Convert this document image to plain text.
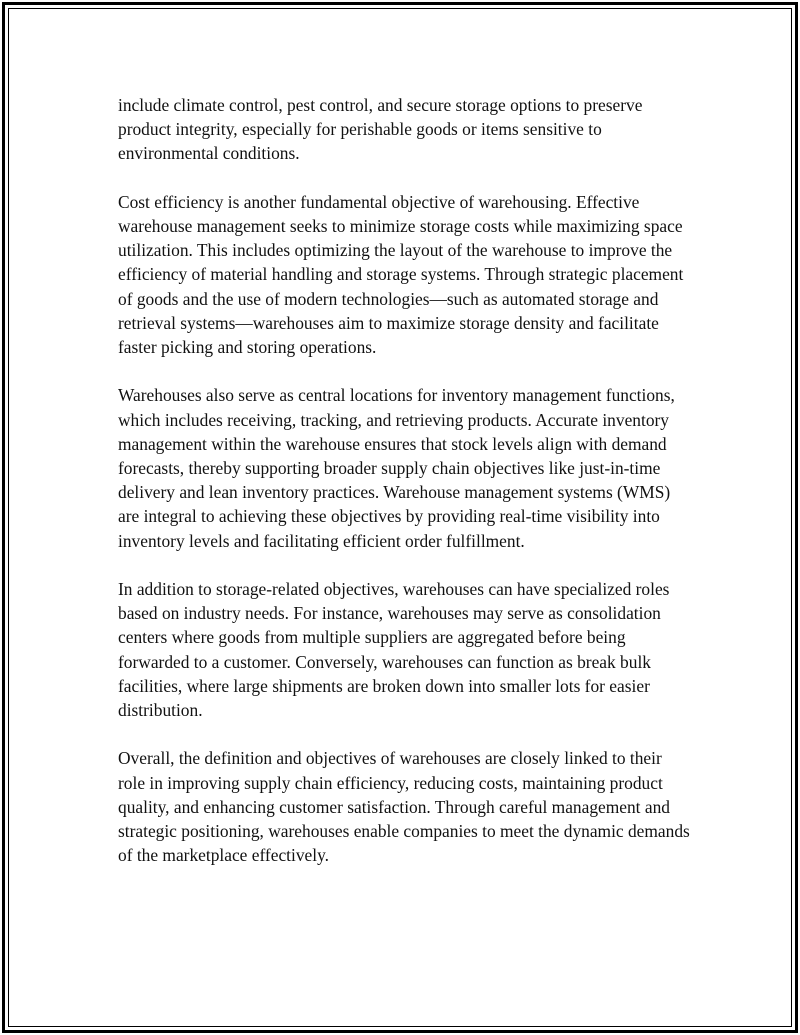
include climate control, pest control, and secure storage options to preserve product integrity, especially for perishable goods or items sensitive to environmental conditions.

Cost efficiency is another fundamental objective of warehousing. Effective warehouse management seeks to minimize storage costs while maximizing space utilization. This includes optimizing the layout of the warehouse to improve the efficiency of material handling and storage systems. Through strategic placement of goods and the use of modern technologies—such as automated storage and retrieval systems—warehouses aim to maximize storage density and facilitate faster picking and storing operations.

Warehouses also serve as central locations for inventory management functions, which includes receiving, tracking, and retrieving products. Accurate inventory management within the warehouse ensures that stock levels align with demand forecasts, thereby supporting broader supply chain objectives like just-in-time delivery and lean inventory practices. Warehouse management systems (WMS) are integral to achieving these objectives by providing real-time visibility into inventory levels and facilitating efficient order fulfillment.

In addition to storage-related objectives, warehouses can have specialized roles based on industry needs. For instance, warehouses may serve as consolidation centers where goods from multiple suppliers are aggregated before being forwarded to a customer. Conversely, warehouses can function as break bulk facilities, where large shipments are broken down into smaller lots for easier distribution.

Overall, the definition and objectives of warehouses are closely linked to their role in improving supply chain efficiency, reducing costs, maintaining product quality, and enhancing customer satisfaction. Through careful management and strategic positioning, warehouses enable companies to meet the dynamic demands of the marketplace effectively.
